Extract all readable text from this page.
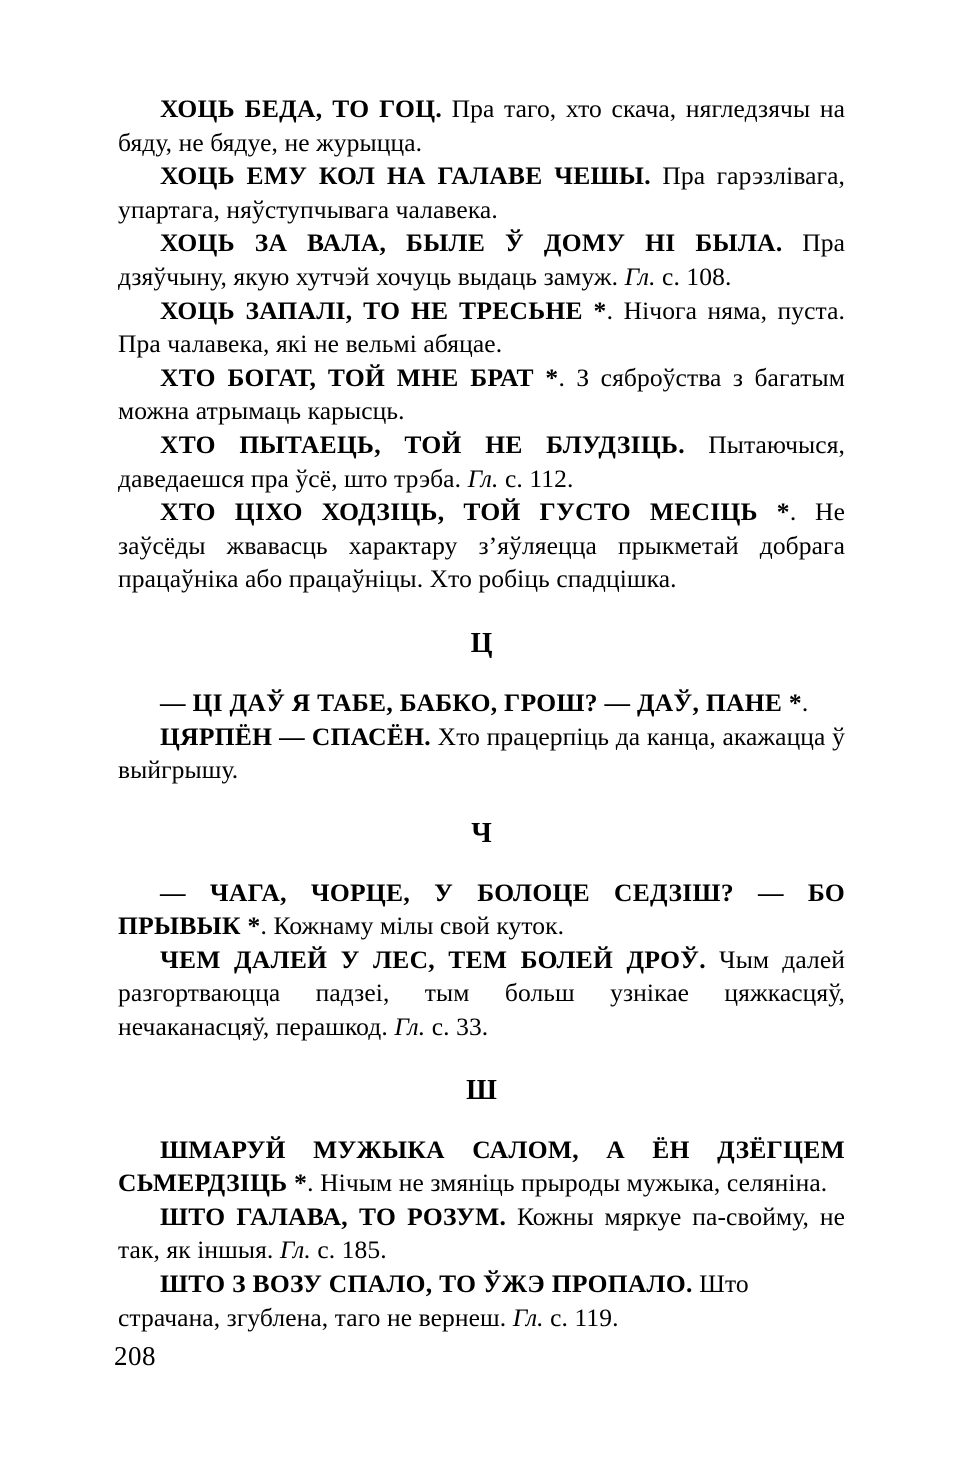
ХОЦЬ БЕДА, ТО ГОЦ. Пра таго, хто скача, нягледзячы на бяду, не бядуе, не журыцца.

ХОЦЬ ЕМУ КОЛ НА ГАЛАВЕ ЧЕШЫ. Пра гарэзлівага, упартага, няўступчывага чалавека.

ХОЦЬ ЗА ВАЛА, БЫЛЕ Ў ДОМУ НІ БЫЛА. Пра дзяўчыну, якую хутчэй хочуць выдаць замуж. Гл. с. 108.

ХОЦЬ ЗАПАЛІ, ТО НЕ ТРЕСЬНЕ *. Нічога няма, пуста. Пра чалавека, які не вельмі абяцае.

ХТО БОГАТ, ТОЙ МНЕ БРАТ *. З сяброўства з багатым можна атрымаць карысць.

ХТО ПЫТАЕЦЬ, ТОЙ НЕ БЛУДЗІЦЬ. Пытаючыся, даведаешся пра ўсё, што трэба. Гл. с. 112.

ХТО ЦІХО ХОДЗІЦЬ, ТОЙ ГУСТО МЕСІЦЬ *. Не заўсёды жвавасць характару з’яўляецца прыкметай добрага працаўніка або працаўніцы. Хто робіць спадцішка.

Ц

— ЦІ ДАЎ Я ТАБЕ, БАБКО, ГРОШ? — ДАЎ, ПАНЕ *.

ЦЯРПЁН — СПАСЁН. Хто працерпіць да канца, акажацца ў выйгрышу.

Ч

— ЧАГА, ЧОРЦЕ, У БОЛОЦЕ СЕДЗІШ? — БО ПРЫВЫК *. Кожнаму мілы свой куток.

ЧЕМ ДАЛЕЙ У ЛЕС, ТЕМ БОЛЕЙ ДРОЎ. Чым далей разгортваюцца падзеі, тым больш узнікае цяжкасцяў, нечаканасцяў, перашкод. Гл. с. 33.

Ш

ШМАРУЙ МУЖЫКА САЛОМ, А ЁН ДЗЁГЦЕМ СЬМЕРДЗІЦЬ *. Нічым не змяніць прыроды мужыка, селяніна.

ШТО ГАЛАВА, ТО РОЗУМ. Кожны мяркуе па-свойму, не так, як іншыя. Гл. с. 185.

ШТО З ВОЗУ СПАЛО, ТО ЎЖЭ ПРОПАЛО. Што страчана, згублена, таго не вернеш. Гл. с. 119.

208
